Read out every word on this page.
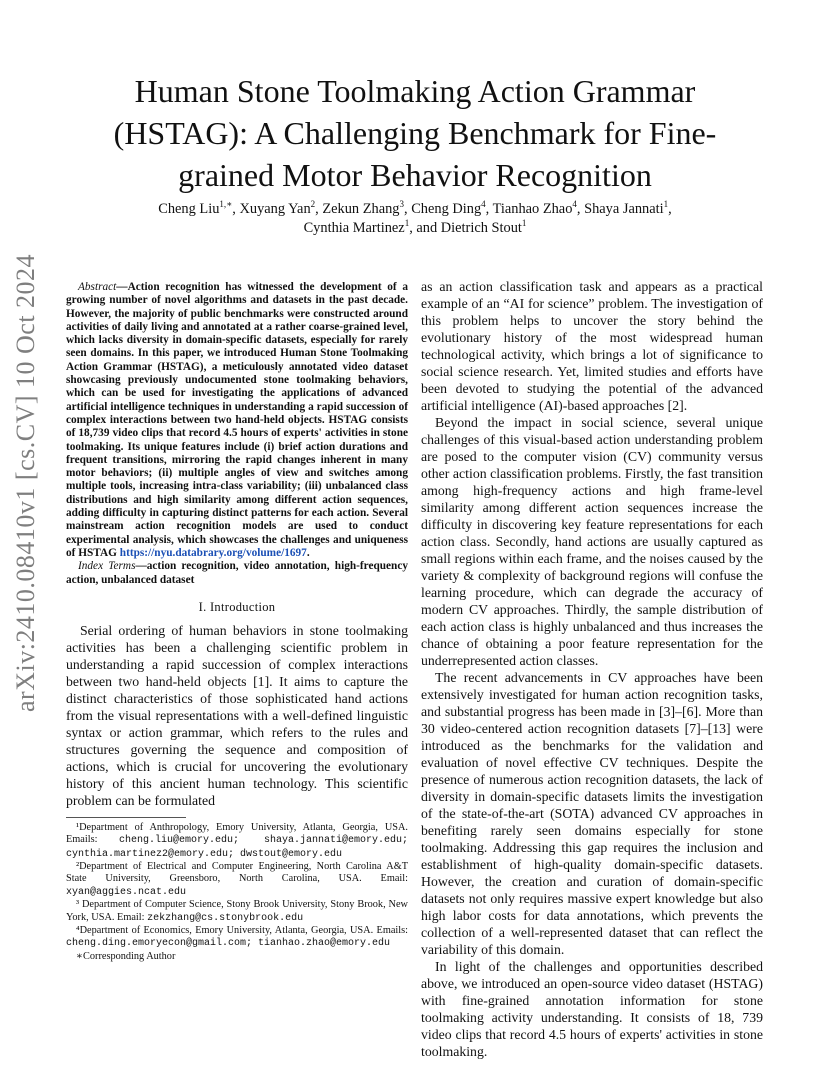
arXiv:2410.08410v1 [cs.CV] 10 Oct 2024
Human Stone Toolmaking Action Grammar (HSTAG): A Challenging Benchmark for Fine-grained Motor Behavior Recognition
Cheng Liu$^{1,∗}$, Xuyang Yan$^2$, Zekun Zhang$^3$, Cheng Ding$^4$, Tianhao Zhao$^4$, Shaya Jannati$^1$,
Cynthia Martinez$^1$, and Dietrich Stout$^1$

Abstract—Action recognition has witnessed the development of a growing number of novel algorithms and datasets in the past decade. However, the majority of public benchmarks were constructed around activities of daily living and annotated at a rather coarse-grained level, which lacks diversity in domain-specific datasets, especially for rarely seen domains. In this paper, we introduced Human Stone Toolmaking Action Grammar (HSTAG), a meticulously annotated video dataset showcasing previously undocumented stone toolmaking behaviors, which can be used for investigating the applications of advanced artificial intelligence techniques in understanding a rapid succession of complex interactions between two hand-held objects. HSTAG consists of 18,739 video clips that record 4.5 hours of experts' activities in stone toolmaking. Its unique features include (i) brief action durations and frequent transitions, mirroring the rapid changes inherent in many motor behaviors; (ii) multiple angles of view and switches among multiple tools, increasing intra-class variability; (iii) unbalanced class distributions and high similarity among different action sequences, adding difficulty in capturing distinct patterns for each action. Several mainstream action recognition models are used to conduct experimental analysis, which showcases the challenges and uniqueness of HSTAG https://nyu.databrary.org/volume/1697.

Index Terms—action recognition, video annotation, high-frequency action, unbalanced dataset

I. Introduction

Serial ordering of human behaviors in stone toolmaking activities has been a challenging scientific problem in understanding a rapid succession of complex interactions between two hand-held objects [1]. It aims to capture the distinct characteristics of those sophisticated hand actions from the visual representations with a well-defined linguistic syntax or action grammar, which refers to the rules and structures governing the sequence and composition of actions, which is crucial for uncovering the evolutionary history of this ancient human technology. This scientific problem can be formulated

¹Department of Anthropology, Emory University, Atlanta, Georgia, USA. Emails: cheng.liu@emory.edu; shaya.jannati@emory.edu; cynthia.martinez2@emory.edu; dwstout@emory.edu

²Department of Electrical and Computer Engineering, North Carolina A&T State University, Greensboro, North Carolina, USA. Email: xyan@aggies.ncat.edu

³ Department of Computer Science, Stony Brook University, Stony Brook, New York, USA. Email: zekzhang@cs.stonybrook.edu

⁴Department of Economics, Emory University, Atlanta, Georgia, USA. Emails: cheng.ding.emoryecon@gmail.com; tianhao.zhao@emory.edu

∗Corresponding Author

as an action classification task and appears as a practical example of an “AI for science” problem. The investigation of this problem helps to uncover the story behind the evolutionary history of the most widespread human technological activity, which brings a lot of significance to social science research. Yet, limited studies and efforts have been devoted to studying the potential of the advanced artificial intelligence (AI)-based approaches [2].

Beyond the impact in social science, several unique challenges of this visual-based action understanding problem are posed to the computer vision (CV) community versus other action classification problems. Firstly, the fast transition among high-frequency actions and high frame-level similarity among different action sequences increase the difficulty in discovering key feature representations for each action class. Secondly, hand actions are usually captured as small regions within each frame, and the noises caused by the variety & complexity of background regions will confuse the learning procedure, which can degrade the accuracy of modern CV approaches. Thirdly, the sample distribution of each action class is highly unbalanced and thus increases the chance of obtaining a poor feature representation for the underrepresented action classes.

The recent advancements in CV approaches have been extensively investigated for human action recognition tasks, and substantial progress has been made in [3]–[6]. More than 30 video-centered action recognition datasets [7]–[13] were introduced as the benchmarks for the validation and evaluation of novel effective CV techniques. Despite the presence of numerous action recognition datasets, the lack of diversity in domain-specific datasets limits the investigation of the state-of-the-art (SOTA) advanced CV approaches in benefiting rarely seen domains especially for stone toolmaking. Addressing this gap requires the inclusion and establishment of high-quality domain-specific datasets. However, the creation and curation of domain-specific datasets not only requires massive expert knowledge but also high labor costs for data annotations, which prevents the collection of a well-represented dataset that can reflect the variability of this domain.

In light of the challenges and opportunities described above, we introduced an open-source video dataset (HSTAG) with fine-grained annotation information for stone toolmaking activity understanding. It consists of 18, 739 video clips that record 4.5 hours of experts' activities in stone toolmaking.
